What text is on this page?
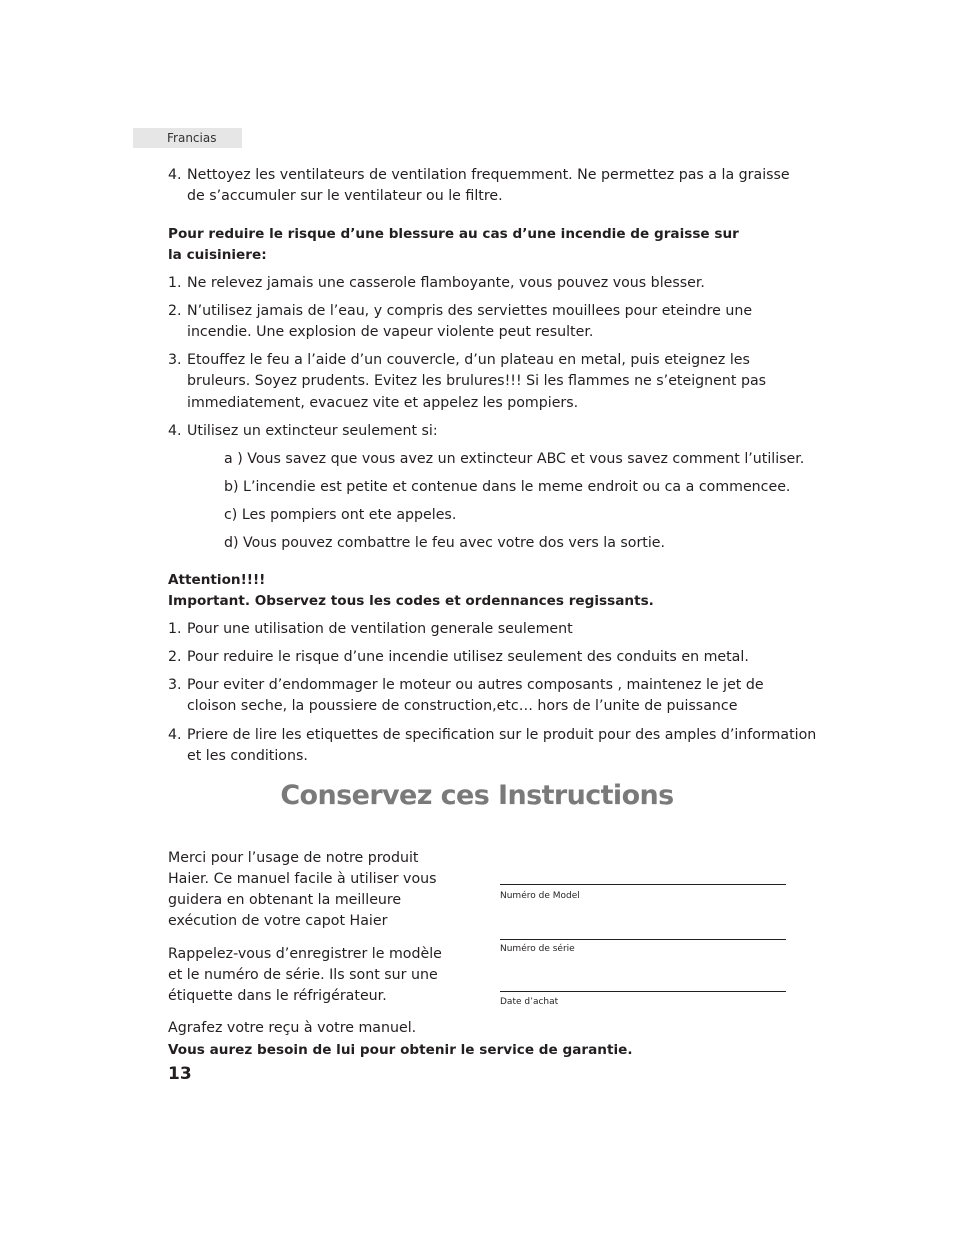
Francias
4. Nettoyez les ventilateurs de ventilation frequemment. Ne permettez pas a la graisse
de s’accumuler sur le ventilateur ou le filtre.
Pour reduire le risque d’une blessure au cas d’une incendie de graisse sur
la cuisiniere:
1. Ne relevez jamais une casserole flamboyante, vous pouvez vous blesser.
2. N’utilisez jamais de l’eau, y compris des serviettes mouillees pour eteindre une
incendie. Une explosion de vapeur violente peut resulter.
3. Etouffez le feu a l’aide d’un couvercle, d’un plateau en metal, puis eteignez les
bruleurs. Soyez prudents. Evitez les brulures!!! Si les flammes ne s’eteignent pas
immediatement, evacuez vite et appelez les pompiers.
4. Utilisez un extincteur seulement si:
a ) Vous savez que vous avez un extincteur ABC et vous savez comment l’utiliser.
b) L’incendie est petite et contenue dans le meme endroit ou ca a commencee.
c) Les pompiers ont ete appeles.
d) Vous pouvez combattre le feu avec votre dos vers la sortie.
Attention!!!!
Important. Observez tous les codes et ordennances regissants.
1. Pour une utilisation de ventilation generale seulement
2. Pour reduire le risque d’une incendie utilisez seulement des conduits en metal.
3. Pour eviter d’endommager le moteur ou autres composants , maintenez le jet de
cloison seche, la poussiere de construction,etc… hors de l’unite de puissance
4. Priere de lire les etiquettes de specification sur le produit pour des amples d’information
et les conditions.
Conservez ces Instructions
Merci pour l’usage de notre produit
Haier. Ce manuel facile à utiliser vous
guidera en obtenant la meilleure
exécution de votre capot Haier
Rappelez-vous d’enregistrer le modèle
et le numéro de série. Ils sont sur une
étiquette dans le réfrigérateur.
Agrafez votre reçu à votre manuel.
Vous aurez besoin de lui pour obtenir le service de garantie.
Numéro de Model
Numéro de série
Date d’achat
13
